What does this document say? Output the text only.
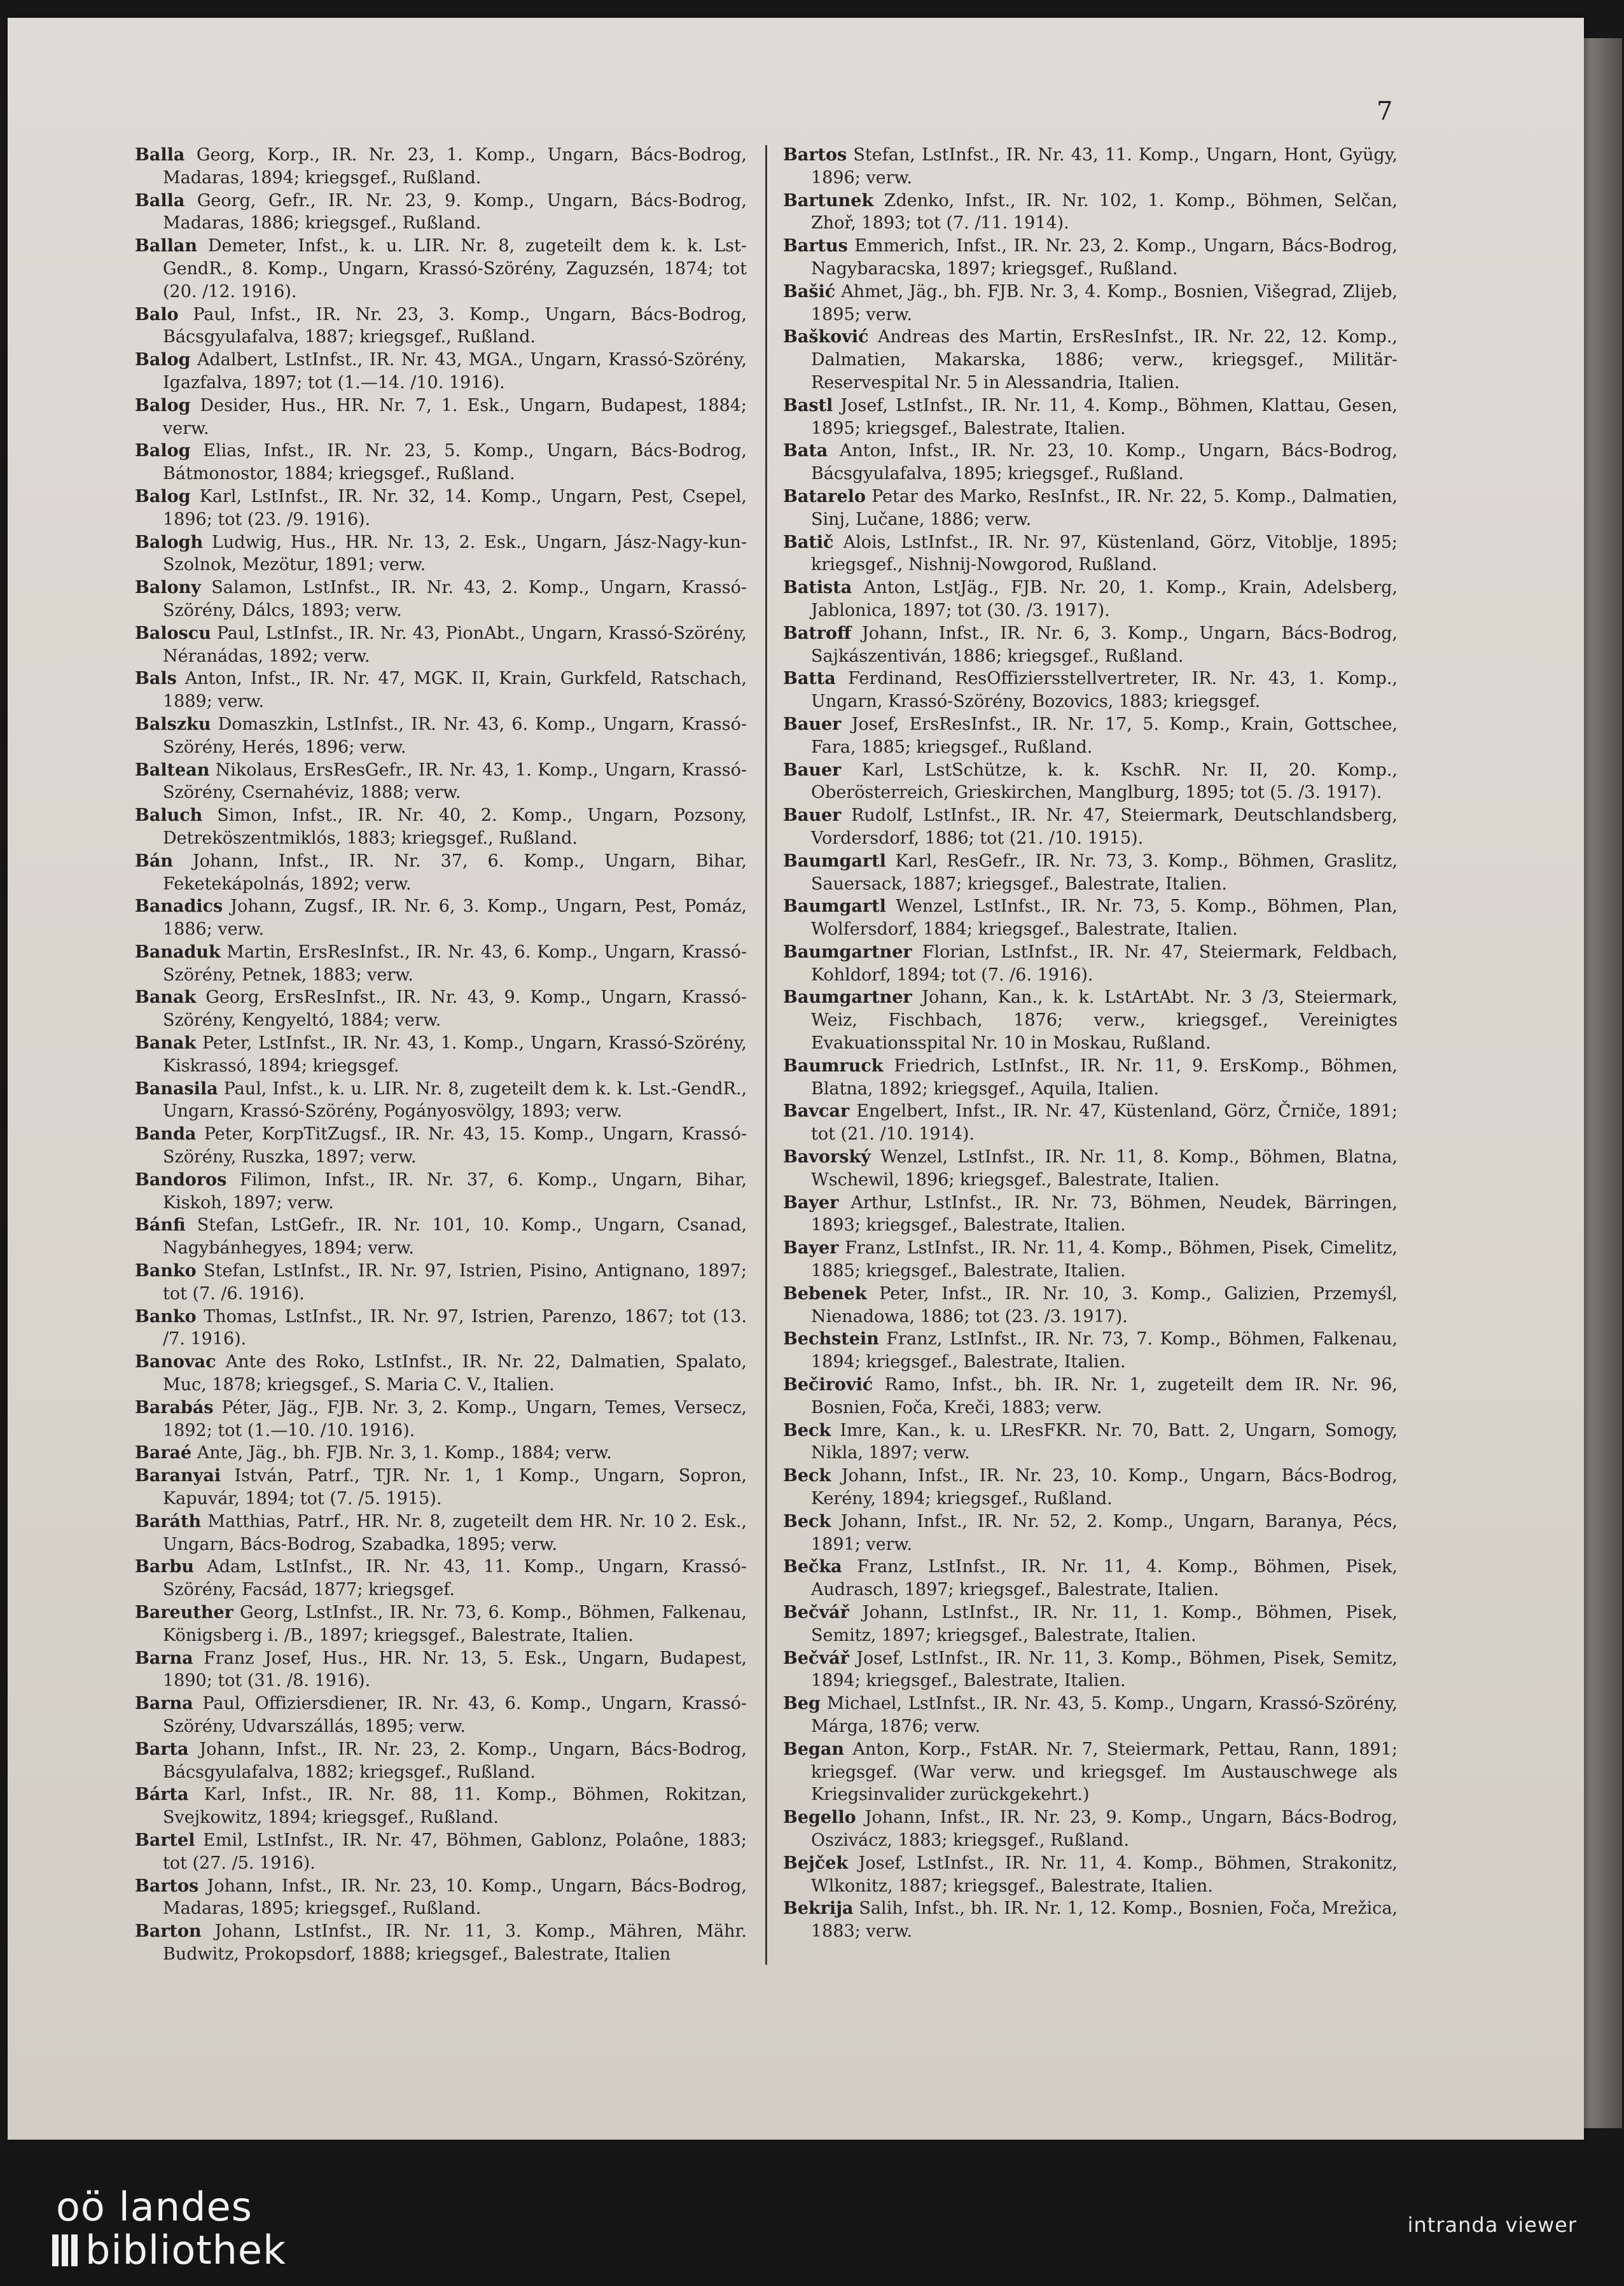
7

Balla Georg, Korp., IR. Nr. 23, 1. Komp., Ungarn, Bács-Bodrog, Madaras, 1894; kriegsgef., Rußland.

Balla Georg, Gefr., IR. Nr. 23, 9. Komp., Ungarn, Bács-Bodrog, Madaras, 1886; kriegsgef., Rußland.

Ballan Demeter, Infst., k. u. LIR. Nr. 8, zugeteilt dem k. k. Lst-GendR., 8. Komp., Ungarn, Krassó-Szörény, Zaguzsén, 1874; tot (20. /12. 1916).

Balo Paul, Infst., IR. Nr. 23, 3. Komp., Ungarn, Bács-Bodrog, Bácsgyulafalva, 1887; kriegsgef., Rußland.

Balog Adalbert, LstInfst., IR. Nr. 43, MGA., Ungarn, Krassó-Szörény, Igazfalva, 1897; tot (1.—14. /10. 1916).

Balog Desider, Hus., HR. Nr. 7, 1. Esk., Ungarn, Budapest, 1884; verw.

Balog Elias, Infst., IR. Nr. 23, 5. Komp., Ungarn, Bács-Bodrog, Bátmonostor, 1884; kriegsgef., Rußland.

Balog Karl, LstInfst., IR. Nr. 32, 14. Komp., Ungarn, Pest, Csepel, 1896; tot (23. /9. 1916).

Balogh Ludwig, Hus., HR. Nr. 13, 2. Esk., Ungarn, Jász-Nagy-kun-Szolnok, Mezötur, 1891; verw.

Balony Salamon, LstInfst., IR. Nr. 43, 2. Komp., Ungarn, Krassó-Szörény, Dálcs, 1893; verw.

Baloscu Paul, LstInfst., IR. Nr. 43, PionAbt., Ungarn, Krassó-Szörény, Néranádas, 1892; verw.

Bals Anton, Infst., IR. Nr. 47, MGK. II, Krain, Gurkfeld, Ratschach, 1889; verw.

Balszku Domaszkin, LstInfst., IR. Nr. 43, 6. Komp., Ungarn, Krassó-Szörény, Herés, 1896; verw.

Baltean Nikolaus, ErsResGefr., IR. Nr. 43, 1. Komp., Ungarn, Krassó-Szörény, Csernahéviz, 1888; verw.

Baluch Simon, Infst., IR. Nr. 40, 2. Komp., Ungarn, Pozsony, Detreköszentmiklós, 1883; kriegsgef., Rußland.

Bán Johann, Infst., IR. Nr. 37, 6. Komp., Ungarn, Bihar, Feketekápolnás, 1892; verw.

Banadics Johann, Zugsf., IR. Nr. 6, 3. Komp., Ungarn, Pest, Pomáz, 1886; verw.

Banaduk Martin, ErsResInfst., IR. Nr. 43, 6. Komp., Ungarn, Krassó-Szörény, Petnek, 1883; verw.

Banak Georg, ErsResInfst., IR. Nr. 43, 9. Komp., Ungarn, Krassó-Szörény, Kengyeltó, 1884; verw.

Banak Peter, LstInfst., IR. Nr. 43, 1. Komp., Ungarn, Krassó-Szörény, Kiskrassó, 1894; kriegsgef.

Banasila Paul, Infst., k. u. LIR. Nr. 8, zugeteilt dem k. k. Lst.-GendR., Ungarn, Krassó-Szörény, Pogányosvölgy, 1893; verw.

Banda Peter, KorpTitZugsf., IR. Nr. 43, 15. Komp., Ungarn, Krassó-Szörény, Ruszka, 1897; verw.

Bandoros Filimon, Infst., IR. Nr. 37, 6. Komp., Ungarn, Bihar, Kiskoh, 1897; verw.

Bánfi Stefan, LstGefr., IR. Nr. 101, 10. Komp., Ungarn, Csanad, Nagybánhegyes, 1894; verw.

Banko Stefan, LstInfst., IR. Nr. 97, Istrien, Pisino, Antignano, 1897; tot (7. /6. 1916).

Banko Thomas, LstInfst., IR. Nr. 97, Istrien, Parenzo, 1867; tot (13. /7. 1916).

Banovac Ante des Roko, LstInfst., IR. Nr. 22, Dalmatien, Spalato, Muc, 1878; kriegsgef., S. Maria C. V., Italien.

Barabás Péter, Jäg., FJB. Nr. 3, 2. Komp., Ungarn, Temes, Versecz, 1892; tot (1.—10. /10. 1916).

Baraé Ante, Jäg., bh. FJB. Nr. 3, 1. Komp., 1884; verw.

Baranyai István, Patrf., TJR. Nr. 1, 1 Komp., Ungarn, Sopron, Kapuvár, 1894; tot (7. /5. 1915).

Baráth Matthias, Patrf., HR. Nr. 8, zugeteilt dem HR. Nr. 10 2. Esk., Ungarn, Bács-Bodrog, Szabadka, 1895; verw.

Barbu Adam, LstInfst., IR. Nr. 43, 11. Komp., Ungarn, Krassó-Szörény, Facsád, 1877; kriegsgef.

Bareuther Georg, LstInfst., IR. Nr. 73, 6. Komp., Böhmen, Falkenau, Königsberg i. /B., 1897; kriegsgef., Balestrate, Italien.

Barna Franz Josef, Hus., HR. Nr. 13, 5. Esk., Ungarn, Budapest, 1890; tot (31. /8. 1916).

Barna Paul, Offiziersdiener, IR. Nr. 43, 6. Komp., Ungarn, Krassó-Szörény, Udvarszállás, 1895; verw.

Barta Johann, Infst., IR. Nr. 23, 2. Komp., Ungarn, Bács-Bodrog, Bácsgyulafalva, 1882; kriegsgef., Rußland.

Bárta Karl, Infst., IR. Nr. 88, 11. Komp., Böhmen, Rokitzan, Svejkowitz, 1894; kriegsgef., Rußland.

Bartel Emil, LstInfst., IR. Nr. 47, Böhmen, Gablonz, Polaône, 1883; tot (27. /5. 1916).

Bartos Johann, Infst., IR. Nr. 23, 10. Komp., Ungarn, Bács-Bodrog, Madaras, 1895; kriegsgef., Rußland.

Barton Johann, LstInfst., IR. Nr. 11, 3. Komp., Mähren, Mähr. Budwitz, Prokopsdorf, 1888; kriegsgef., Balestrate, Italien

Bartos Stefan, LstInfst., IR. Nr. 43, 11. Komp., Ungarn, Hont, Gyügy, 1896; verw.

Bartunek Zdenko, Infst., IR. Nr. 102, 1. Komp., Böhmen, Selčan, Zhoř, 1893; tot (7. /11. 1914).

Bartus Emmerich, Infst., IR. Nr. 23, 2. Komp., Ungarn, Bács-Bodrog, Nagybaracska, 1897; kriegsgef., Rußland.

Bašić Ahmet, Jäg., bh. FJB. Nr. 3, 4. Komp., Bosnien, Višegrad, Zlijeb, 1895; verw.

Bašković Andreas des Martin, ErsResInfst., IR. Nr. 22, 12. Komp., Dalmatien, Makarska, 1886; verw., kriegsgef., Militär-Reservespital Nr. 5 in Alessandria, Italien.

Bastl Josef, LstInfst., IR. Nr. 11, 4. Komp., Böhmen, Klattau, Gesen, 1895; kriegsgef., Balestrate, Italien.

Bata Anton, Infst., IR. Nr. 23, 10. Komp., Ungarn, Bács-Bodrog, Bácsgyulafalva, 1895; kriegsgef., Rußland.

Batarelo Petar des Marko, ResInfst., IR. Nr. 22, 5. Komp., Dalmatien, Sinj, Lučane, 1886; verw.

Batič Alois, LstInfst., IR. Nr. 97, Küstenland, Görz, Vitoblje, 1895; kriegsgef., Nishnij-Nowgorod, Rußland.

Batista Anton, LstJäg., FJB. Nr. 20, 1. Komp., Krain, Adelsberg, Jablonica, 1897; tot (30. /3. 1917).

Batroff Johann, Infst., IR. Nr. 6, 3. Komp., Ungarn, Bács-Bodrog, Sajkászentiván, 1886; kriegsgef., Rußland.

Batta Ferdinand, ResOffiziersstellvertreter, IR. Nr. 43, 1. Komp., Ungarn, Krassó-Szörény, Bozovics, 1883; kriegsgef.

Bauer Josef, ErsResInfst., IR. Nr. 17, 5. Komp., Krain, Gottschee, Fara, 1885; kriegsgef., Rußland.

Bauer Karl, LstSchütze, k. k. KschR. Nr. II, 20. Komp., Oberösterreich, Grieskirchen, Manglburg, 1895; tot (5. /3. 1917).

Bauer Rudolf, LstInfst., IR. Nr. 47, Steiermark, Deutschlandsberg, Vordersdorf, 1886; tot (21. /10. 1915).

Baumgartl Karl, ResGefr., IR. Nr. 73, 3. Komp., Böhmen, Graslitz, Sauersack, 1887; kriegsgef., Balestrate, Italien.

Baumgartl Wenzel, LstInfst., IR. Nr. 73, 5. Komp., Böhmen, Plan, Wolfersdorf, 1884; kriegsgef., Balestrate, Italien.

Baumgartner Florian, LstInfst., IR. Nr. 47, Steiermark, Feldbach, Kohldorf, 1894; tot (7. /6. 1916).

Baumgartner Johann, Kan., k. k. LstArtAbt. Nr. 3 /3, Steiermark, Weiz, Fischbach, 1876; verw., kriegsgef., Vereinigtes Evakuationsspital Nr. 10 in Moskau, Rußland.

Baumruck Friedrich, LstInfst., IR. Nr. 11, 9. ErsKomp., Böhmen, Blatna, 1892; kriegsgef., Aquila, Italien.

Bavcar Engelbert, Infst., IR. Nr. 47, Küstenland, Görz, Črniče, 1891; tot (21. /10. 1914).

Bavorský Wenzel, LstInfst., IR. Nr. 11, 8. Komp., Böhmen, Blatna, Wschewil, 1896; kriegsgef., Balestrate, Italien.

Bayer Arthur, LstInfst., IR. Nr. 73, Böhmen, Neudek, Bärringen, 1893; kriegsgef., Balestrate, Italien.

Bayer Franz, LstInfst., IR. Nr. 11, 4. Komp., Böhmen, Pisek, Cimelitz, 1885; kriegsgef., Balestrate, Italien.

Bebenek Peter, Infst., IR. Nr. 10, 3. Komp., Galizien, Przemyśl, Nienadowa, 1886; tot (23. /3. 1917).

Bechstein Franz, LstInfst., IR. Nr. 73, 7. Komp., Böhmen, Falkenau, 1894; kriegsgef., Balestrate, Italien.

Bečirović Ramo, Infst., bh. IR. Nr. 1, zugeteilt dem IR. Nr. 96, Bosnien, Foča, Kreči, 1883; verw.

Beck Imre, Kan., k. u. LResFKR. Nr. 70, Batt. 2, Ungarn, Somogy, Nikla, 1897; verw.

Beck Johann, Infst., IR. Nr. 23, 10. Komp., Ungarn, Bács-Bodrog, Kerény, 1894; kriegsgef., Rußland.

Beck Johann, Infst., IR. Nr. 52, 2. Komp., Ungarn, Baranya, Pécs, 1891; verw.

Bečka Franz, LstInfst., IR. Nr. 11, 4. Komp., Böhmen, Pisek, Audrasch, 1897; kriegsgef., Balestrate, Italien.

Bečvář Johann, LstInfst., IR. Nr. 11, 1. Komp., Böhmen, Pisek, Semitz, 1897; kriegsgef., Balestrate, Italien.

Bečvář Josef, LstInfst., IR. Nr. 11, 3. Komp., Böhmen, Pisek, Semitz, 1894; kriegsgef., Balestrate, Italien.

Beg Michael, LstInfst., IR. Nr. 43, 5. Komp., Ungarn, Krassó-Szörény, Márga, 1876; verw.

Began Anton, Korp., FstAR. Nr. 7, Steiermark, Pettau, Rann, 1891; kriegsgef. (War verw. und kriegsgef. Im Austauschwege als Kriegsinvalider zurückgekehrt.)

Begello Johann, Infst., IR. Nr. 23, 9. Komp., Ungarn, Bács-Bodrog, Oszivácz, 1883; kriegsgef., Rußland.

Bejček Josef, LstInfst., IR. Nr. 11, 4. Komp., Böhmen, Strakonitz, Wlkonitz, 1887; kriegsgef., Balestrate, Italien.

Bekrija Salih, Infst., bh. IR. Nr. 1, 12. Komp., Bosnien, Foča, Mrežica, 1883; verw.

oö landes
bibliothek
intranda viewer
